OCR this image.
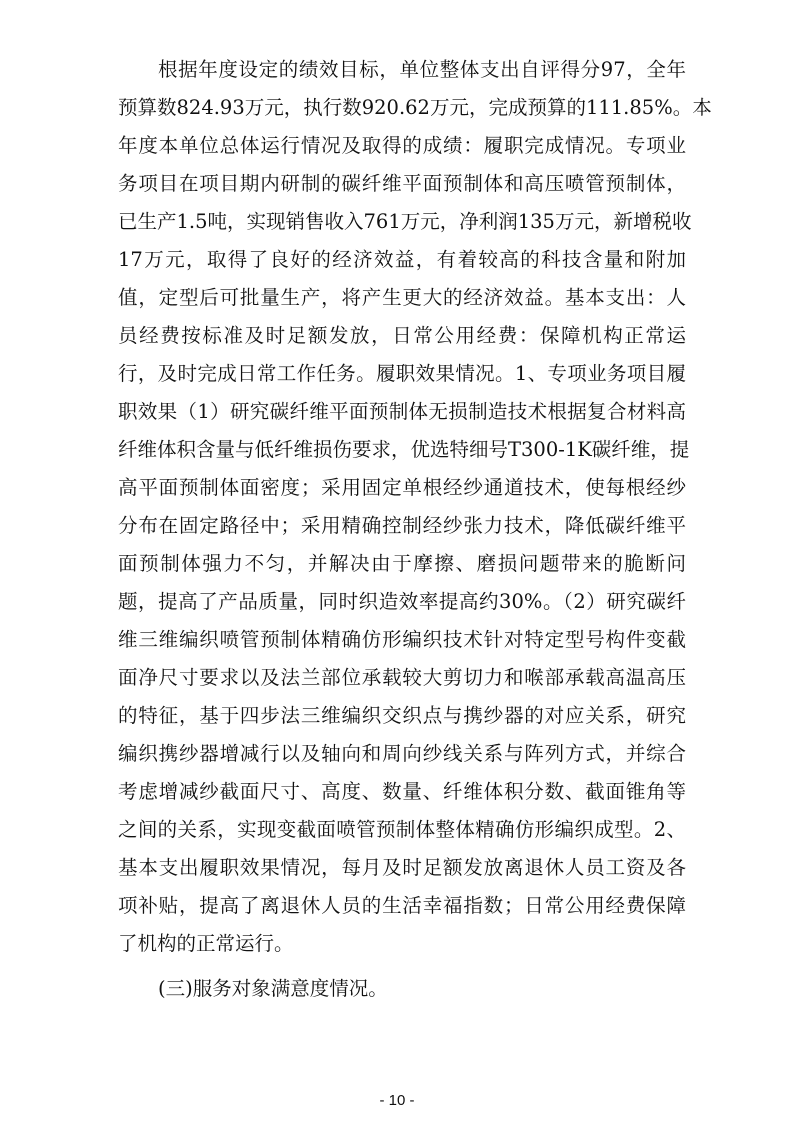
根据年度设定的绩效目标，单位整体支出自评得分97，全年
预算数824.93万元，执行数920.62万元，完成预算的111.85%。本
年度本单位总体运行情况及取得的成绩：履职完成情况。专项业
务项目在项目期内研制的碳纤维平面预制体和高压喷管预制体，
已生产1.5吨，实现销售收入761万元，净利润135万元，新增税收
17万元，取得了良好的经济效益，有着较高的科技含量和附加
值，定型后可批量生产，将产生更大的经济效益。基本支出：人
员经费按标准及时足额发放，日常公用经费：保障机构正常运
行，及时完成日常工作任务。履职效果情况。1、专项业务项目履
职效果（1）研究碳纤维平面预制体无损制造技术根据复合材料高
纤维体积含量与低纤维损伤要求，优选特细号T300-1K碳纤维，提
高平面预制体面密度；采用固定单根经纱通道技术，使每根经纱
分布在固定路径中；采用精确控制经纱张力技术，降低碳纤维平
面预制体强力不匀，并解决由于摩擦、磨损问题带来的脆断问
题，提高了产品质量，同时织造效率提高约30%。（2）研究碳纤
维三维编织喷管预制体精确仿形编织技术针对特定型号构件变截
面净尺寸要求以及法兰部位承载较大剪切力和喉部承载高温高压
的特征，基于四步法三维编织交织点与携纱器的对应关系，研究
编织携纱器增减行以及轴向和周向纱线关系与阵列方式，并综合
考虑增减纱截面尺寸、高度、数量、纤维体积分数、截面锥角等
之间的关系，实现变截面喷管预制体整体精确仿形编织成型。2、
基本支出履职效果情况，每月及时足额发放离退休人员工资及各
项补贴，提高了离退休人员的生活幸福指数；日常公用经费保障
了机构的正常运行。
(三)服务对象满意度情况。
- 10 -
